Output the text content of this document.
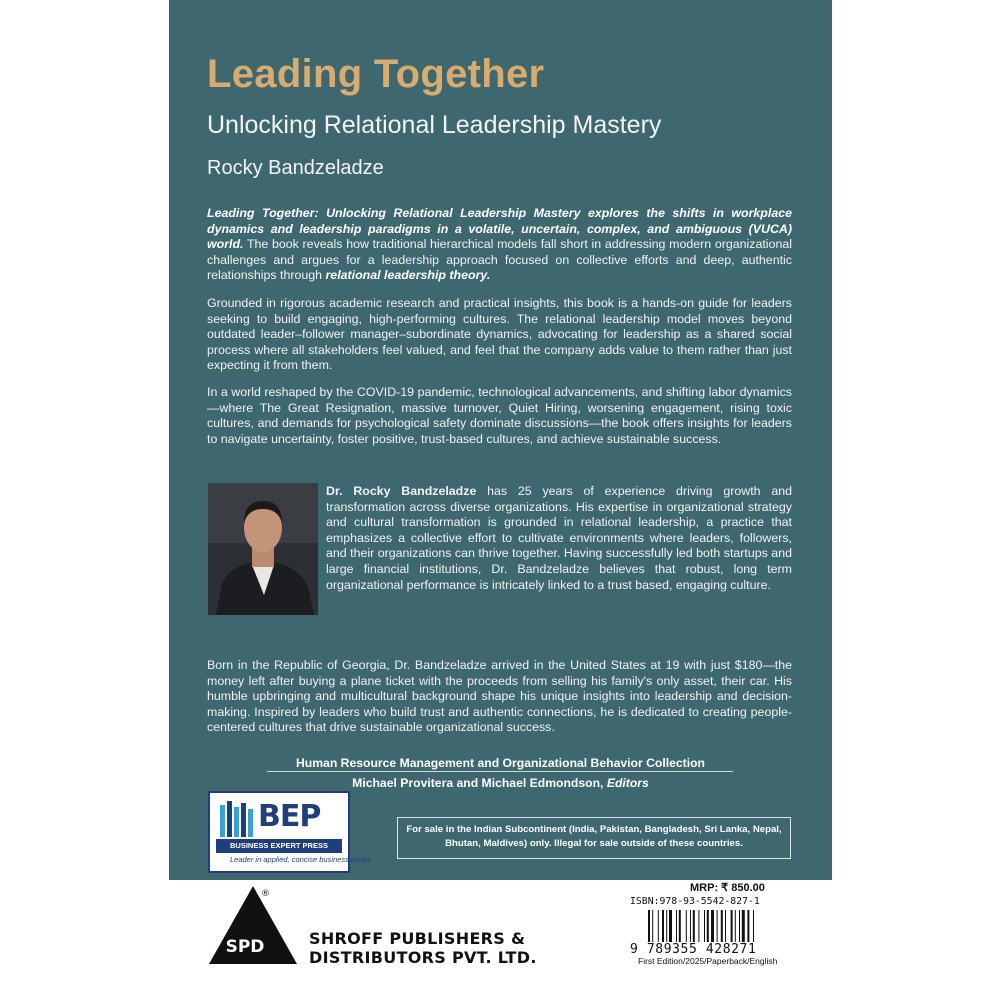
Leading Together
Unlocking Relational Leadership Mastery
Rocky Bandzeladze

Leading Together: Unlocking Relational Leadership Mastery explores the shifts in workplace dynamics and leadership paradigms in a volatile, uncertain, complex, and ambiguous (VUCA) world. The book reveals how traditional hierarchical models fall short in addressing modern organizational challenges and argues for a leadership approach focused on collective efforts and deep, authentic relationships through relational leadership theory.

Grounded in rigorous academic research and practical insights, this book is a hands-on guide for leaders seeking to build engaging, high-performing cultures. The relational leadership model moves beyond outdated leader–follower manager–subordinate dynamics, advocating for leadership as a shared social process where all stakeholders feel valued, and feel that the company adds value to them rather than just expecting it from them.

In a world reshaped by the COVID-19 pandemic, technological advancements, and shifting labor dynamics—where The Great Resignation, massive turnover, Quiet Hiring, worsening engagement, rising toxic cultures, and demands for psychological safety dominate discussions—the book offers insights for leaders to navigate uncertainty, foster positive, trust-based cultures, and achieve sustainable success.

Dr. Rocky Bandzeladze has 25 years of experience driving growth and transformation across diverse organizations. His expertise in organizational strategy and cultural transformation is grounded in relational leadership, a practice that emphasizes a collective effort to cultivate environments where leaders, followers, and their organizations can thrive together. Having successfully led both startups and large financial institutions, Dr. Bandzeladze believes that robust, long term organizational performance is intricately linked to a trust based, engaging culture.

Born in the Republic of Georgia, Dr. Bandzeladze arrived in the United States at 19 with just $180—the money left after buying a plane ticket with the proceeds from selling his family's only asset, their car. His humble upbringing and multicultural background shape his unique insights into leadership and decision-making. Inspired by leaders who build trust and authentic connections, he is dedicated to creating people-centered cultures that drive sustainable organizational success.

Human Resource Management and Organizational Behavior Collection
Michael Provitera and Michael Edmondson, Editors
BEP
BUSINESS EXPERT PRESS
Leader in applied, concise business books
For sale in the Indian Subcontinent (India, Pakistan, Bangladesh, Sri Lanka, Nepal, Bhutan, Maldives) only. Illegal for sale outside of these countries.
SPD
®
SHROFF PUBLISHERS &
DISTRIBUTORS PVT. LTD.
MRP: ₹ 850.00
ISBN:978-93-5542-827-1
9 789355 428271
First Edition/2025/Paperback/English
